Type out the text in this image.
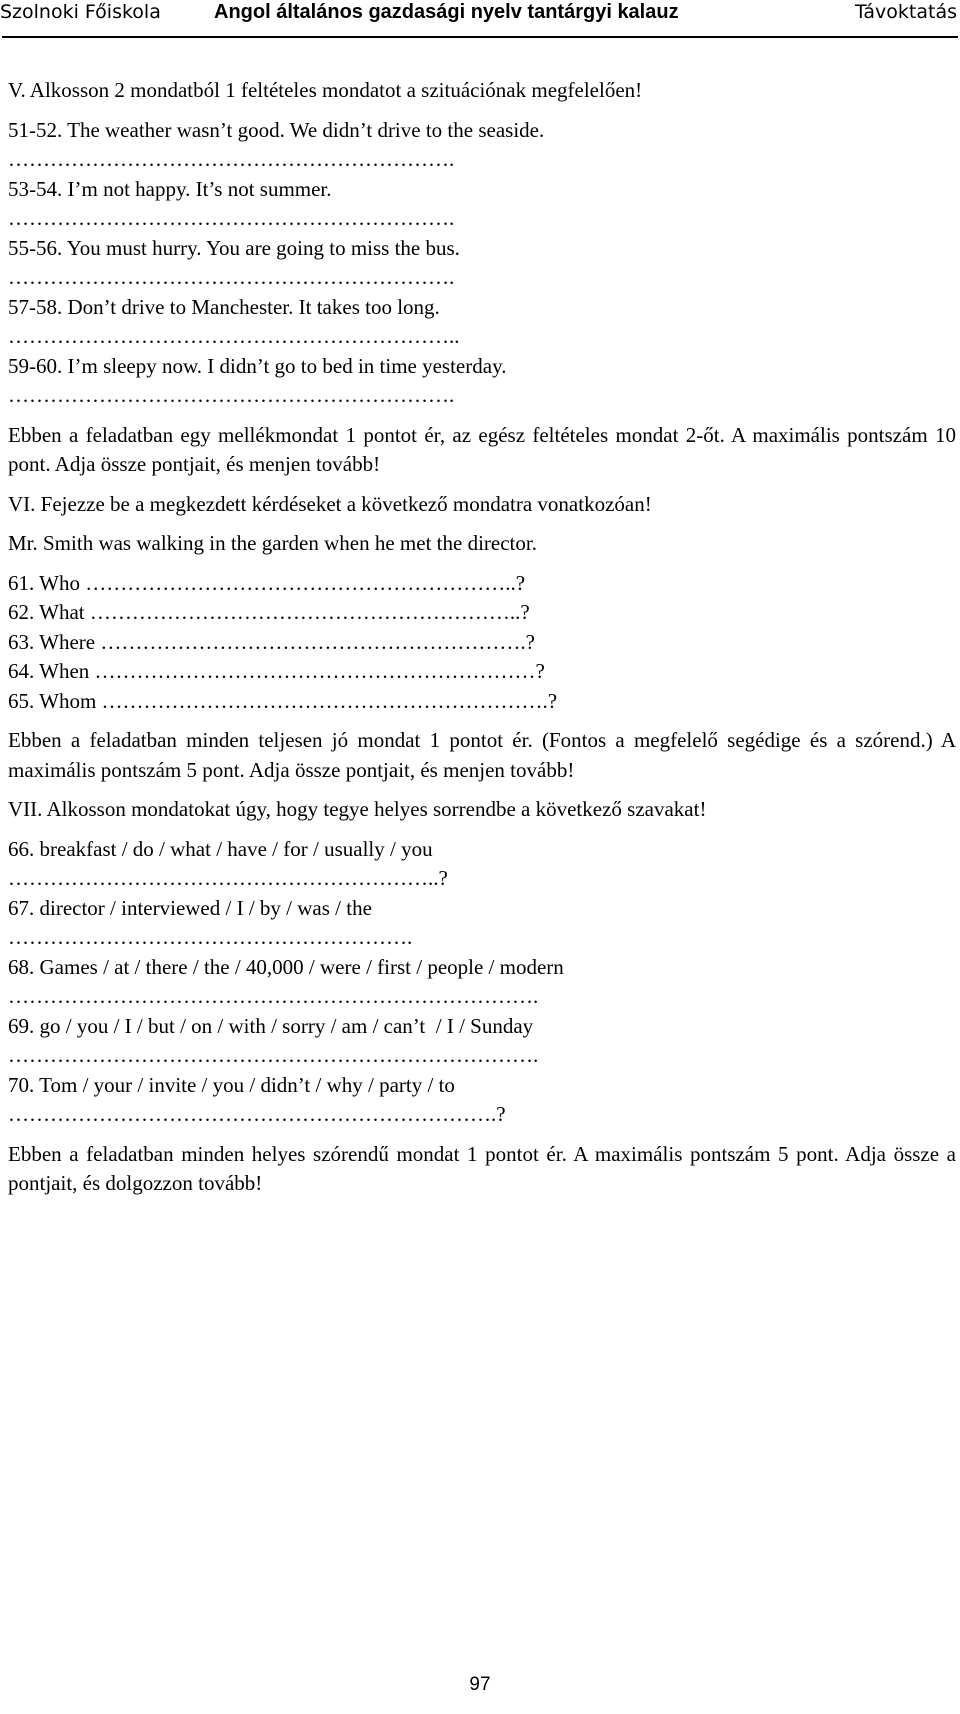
Szolnoki Főiskola	Angol általános gazdasági nyelv tantárgyi kalauz	Távoktatás
V. Alkosson 2 mondatból 1 feltételes mondatot a szituációnak megfelelően!
51-52. The weather wasn’t good. We didn’t drive to the seaside.
……………………………………………………….
53-54. I’m not happy. It’s not summer.
……………………………………………………….
55-56. You must hurry. You are going to miss the bus.
……………………………………………………….
57-58. Don’t drive to Manchester. It takes too long.
………………………………………………………..
59-60. I’m sleepy now. I didn’t go to bed in time yesterday.
……………………………………………………….
Ebben a feladatban egy mellékmondat 1 pontot ér, az egész feltételes mondat 2-őt. A maximális pontszám 10 pont. Adja össze pontjait, és menjen tovább!
VI. Fejezze be a megkezdett kérdéseket a következő mondatra vonatkozóan!
Mr. Smith was walking in the garden when he met the director.
61. Who ……………………………………………………..?
62. What ……………………………………………………..?
63. Where …………………………………………………….?
64. When ………………………………………………………?
65. Whom ……………………………………………………….?
Ebben a feladatban minden teljesen jó mondat 1 pontot ér. (Fontos a megfelelő segédige és a szórend.) A maximális pontszám 5 pont. Adja össze pontjait, és menjen tovább!
VII. Alkosson mondatokat úgy, hogy tegye helyes sorrendbe a következő szavakat!
66. breakfast / do / what / have / for / usually / you
……………………………………………………..?
67. director / interviewed / I / by / was / the
………………………………………………….
68. Games / at / there / the / 40,000 / were / first / people / modern
………………………………………………………………….
69. go / you / I / but / on / with / sorry / am / can’t  / I / Sunday
………………………………………………………………….
70. Tom / your / invite / you / didn’t / why / party / to
…………………………………………………………….?
Ebben a feladatban minden helyes szórendű mondat 1 pontot ér. A maximális pontszám 5 pont. Adja össze a pontjait, és dolgozzon tovább!
97
